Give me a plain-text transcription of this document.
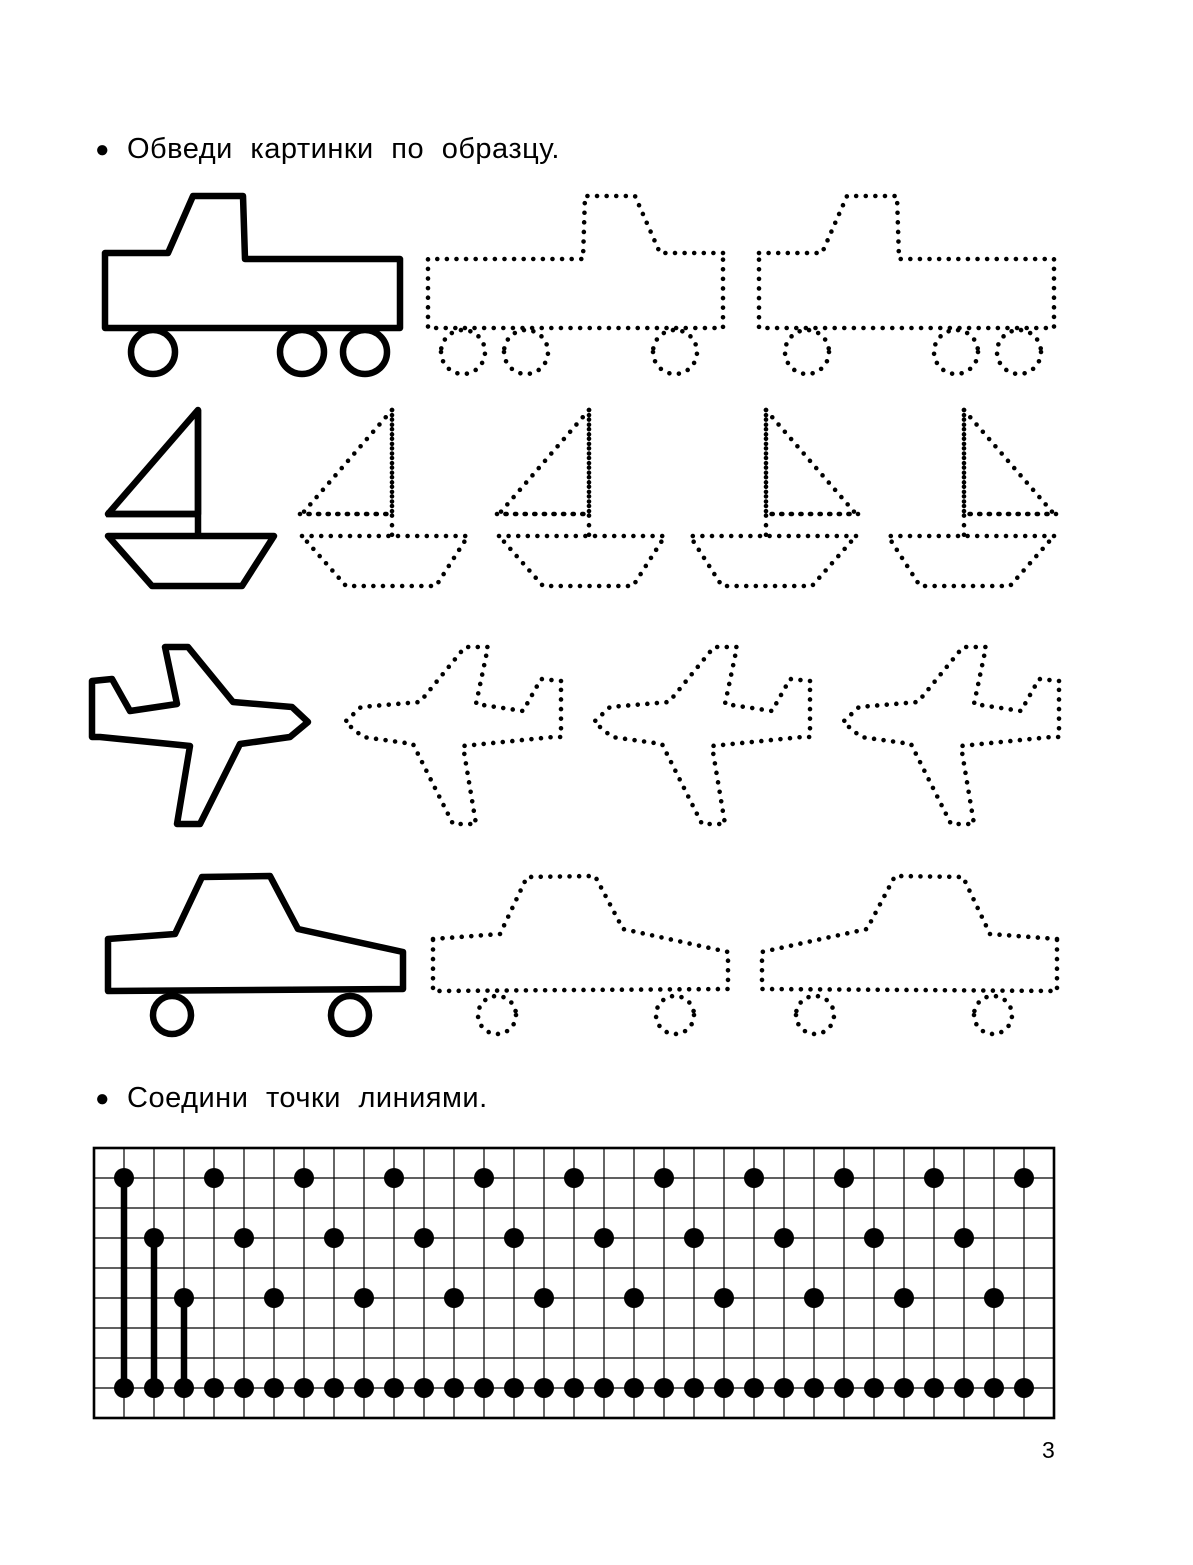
● Обведи картинки по образцу.
● Соедини точки линиями.
3
